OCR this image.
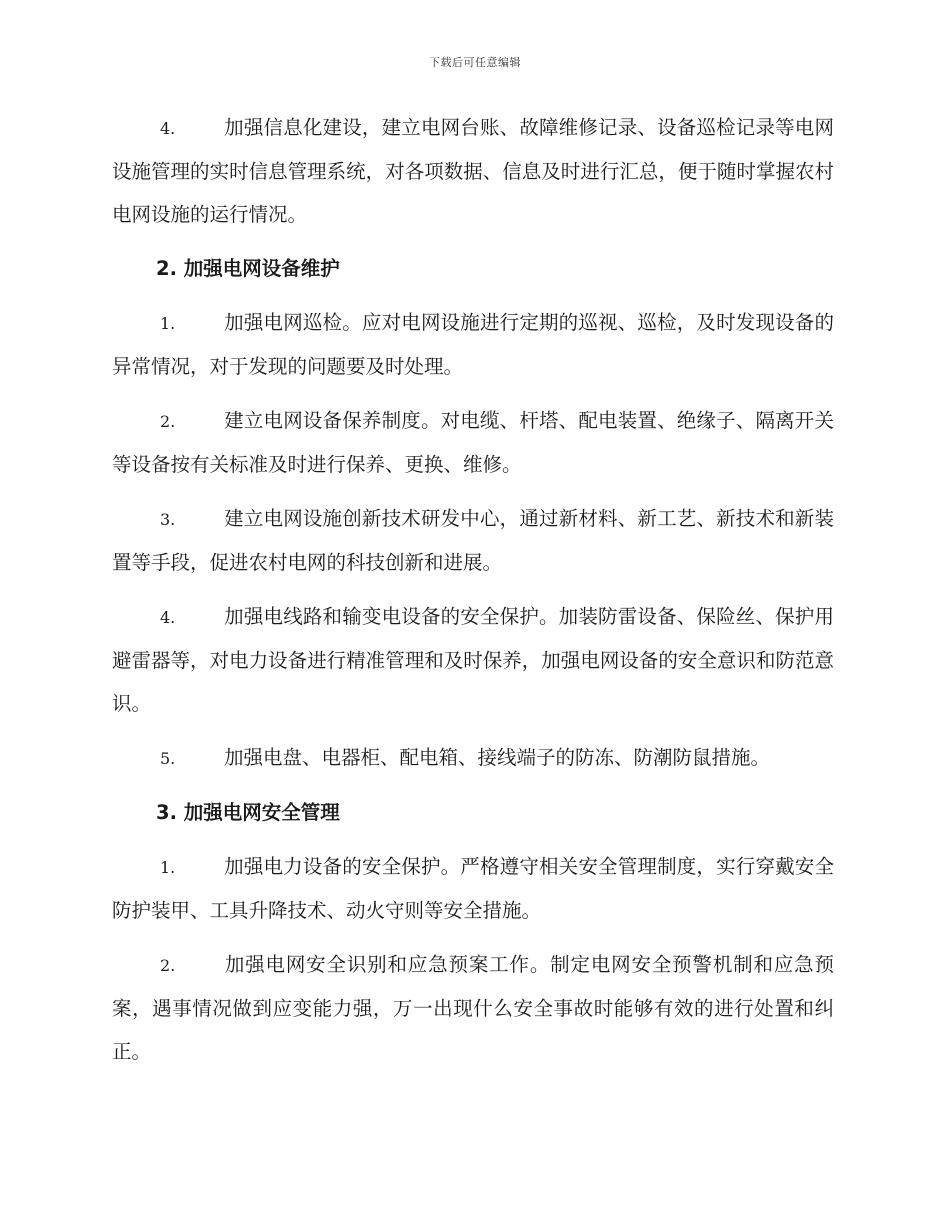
下载后可任意编辑

4. 加强信息化建设，建立电网台账、故障维修记录、设备巡检记录等电网设施管理的实时信息管理系统，对各项数据、信息及时进行汇总，便于随时掌握农村电网设施的运行情况。

2. 加强电网设备维护

1. 加强电网巡检。应对电网设施进行定期的巡视、巡检，及时发现设备的异常情况，对于发现的问题要及时处理。

2. 建立电网设备保养制度。对电缆、杆塔、配电装置、绝缘子、隔离开关等设备按有关标准及时进行保养、更换、维修。

3. 建立电网设施创新技术研发中心，通过新材料、新工艺、新技术和新装置等手段，促进农村电网的科技创新和进展。

4. 加强电线路和输变电设备的安全保护。加装防雷设备、保险丝、保护用避雷器等，对电力设备进行精准管理和及时保养，加强电网设备的安全意识和防范意识。

5. 加强电盘、电器柜、配电箱、接线端子的防冻、防潮防鼠措施。

3. 加强电网安全管理

1. 加强电力设备的安全保护。严格遵守相关安全管理制度，实行穿戴安全防护装甲、工具升降技术、动火守则等安全措施。

2. 加强电网安全识别和应急预案工作。制定电网安全预警机制和应急预案，遇事情况做到应变能力强，万一出现什么安全事故时能够有效的进行处置和纠正。
